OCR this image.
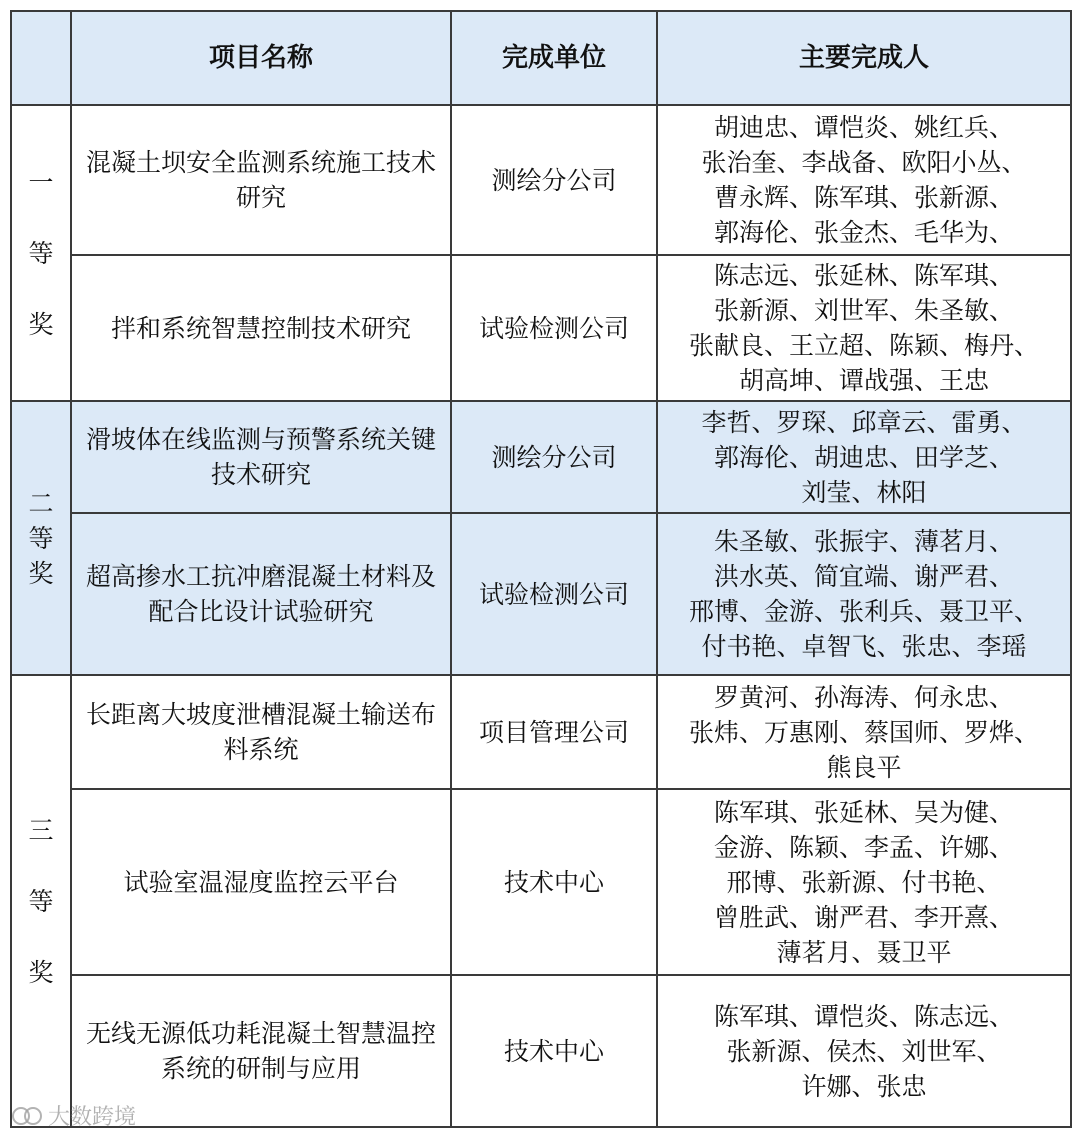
	项目名称	完成单位	主要完成人

一
等
奖	混凝土坝安全监测系统施工技术研究	测绘分公司	胡迪忠、谭恺炎、姚红兵、
张治奎、李战备、欧阳小丛、
曹永辉、陈军琪、张新源、
郭海伦、张金杰、毛华为、

	拌和系统智慧控制技术研究	试验检测公司	陈志远、张延林、陈军琪、
张新源、刘世军、朱圣敏、
张献良、王立超、陈颖、梅丹、
胡高坤、谭战强、王忠

二
等
奖	滑坡体在线监测与预警系统关键技术研究	测绘分公司	李哲、罗琛、邱章云、雷勇、
郭海伦、胡迪忠、田学芝、
刘莹、林阳

	超高掺水工抗冲磨混凝土材料及配合比设计试验研究	试验检测公司	朱圣敏、张振宇、薄茗月、
洪水英、简宜端、谢严君、
邢博、金游、张利兵、聂卫平、
付书艳、卓智飞、张忠、李瑶

三
等
奖	长距离大坡度泄槽混凝土输送布料系统	项目管理公司	罗黄河、孙海涛、何永忠、
张炜、万惠刚、蔡国师、罗烨、
熊良平

	试验室温湿度监控云平台	技术中心	陈军琪、张延林、吴为健、
金游、陈颖、李孟、许娜、
邢博、张新源、付书艳、
曾胜武、谢严君、李开熹、
薄茗月、聂卫平

	无线无源低功耗混凝土智慧温控系统的研制与应用	技术中心	陈军琪、谭恺炎、陈志远、
张新源、侯杰、刘世军、
许娜、张忠
大数跨境
